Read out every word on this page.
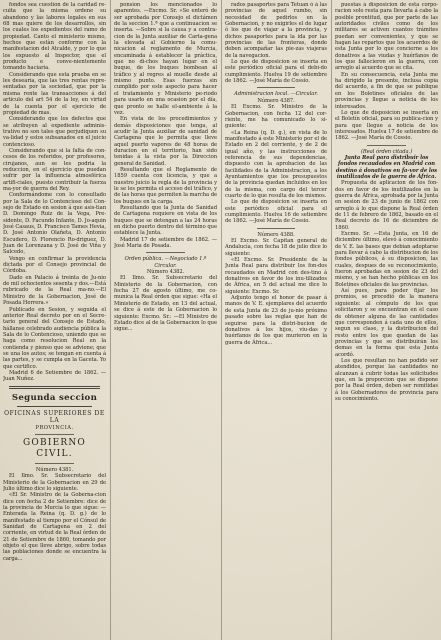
fondos sea cuestion de la caridad re-cuita que la misma ordene su abandono y las labores legales en sus 68 mas quiere de los desarrollos, sin los cuales los expedientes del ramo de propiedad. Canto el ministerio mismo, hechos que estàn conforme con la manifestacion del Atcalde, y por lo que los expuesto al Inspector, que el producto e conve-nientemente tomando haciaria.

Considerando que esta prueba en se les desearia, que las tres rentas repre-sentadas por la sociedad, que por la misma rente las transacciones á del articulo del art 54 de la ley, en virtud de la cuenta por el ejercicio de propiedad de mas.

Considerando que los defectos que se atribuyen al expediente adminis-trativo no son tales que perjudiquen su va-lidad y estos subsanados en el juicio contencioso.

Considerando que si la falta de con-cesos de los referidos, por profesores, cirujanos, aun se les podria la reduccion, en el ejercicio que puedan sufrir por la influencia atmosférica artifi-ciales, puesto contribuir la fuerza ma-yor de guerra del Rey.

Conformándome con lo consultado por la Sala de lo Contencioso del Con-sejo de Estado en sesion á que asis-tian D. Domingo Ruiz de la Vega, Pre-sidente, D. Facundo Infante, D. Jo-aquin José Casaus, D. Francisco Tames Hevia, D. José Antonio Olañeta, D. Antonio Escudero, D. Florencio Ro-driguez, D. Juan de Lorenzana y D. José de Viña y Salcedo,

Vengo en confirmar la providencia dictada por el Consejo provincial de Córdoba.

Dado en Palacio á treinta de Ju-nio de mil ochocientos sesenta y dos.—Está rubricado de la Real ma-no.—El Ministro de la Gobernacion, José de Posada Herrera.»

Publicado en Sesion, y seguida el anterior Real decreto por en el Secre-tario general del Consejo de Estado, hállanse celebrado audiencia pública la Sala de lo Contencioso, uniendo que se haga como resolucion Real en la contienda y pienso que se adviene; que se una los autos; se tengan en cuenta á las partes, y se cumpla en la Gaceta. Yo que certifico.

Madrid 6 de Setiembre de 1862. —Juan Nuñez.

Segunda seccion
OFICINAS SUPERIORES DE LA
PROVINCIA.
GOBIERNO CIVIL.
Número 4381.

El Ilmo. Sr. Subsecretario del Ministerio de la Gobernacion en 29 de Julio último dice lo siguiente.

«El Sr. Ministro de la Goberna-cion dice con fecha 2 de Setiembre: dice de la provincia de Murcia lo que sigue: —Enterada la Reina (q. D. g.) de lo manifestado al tiempo por el Cónsul de Sanidad de Cartagena en 2 del corriente, en virtud de la Real órden de 21 de Setiembre de 1860, tomando por objeto el que lleve abrigo, sobre todas las poblaciones donde se encuentra la carga...

ponsion los mencionados lo aparentes. —Excmo. Sr. «Se enteró de ser aprobada por Consejo el dictámen de la seccion 1.ª que a continuacion se inserta. —Sobre si la causa y a contra-cion de la Junta auxiliar de Carta-gena la elevada al Gobierno la comu-nicacion al reglamento de Murcia, encaminada á establecer la práctica, que no di-chos hayan lugar en el buque, de los buques bombean al tráfico y al regres al muelle desde al mismo punto. Esas fuerzas sin cumplido por este aspecto para hacer el tratamiento y Ministerio pe-riodo para usarlo en una ocasion por el día, que pronto se halle el-ambiente á la vez.

En vista de los procedimientos y demás disposiciones que tenga, al acudir la Junta auxiliar de sanidad de Cartagena que le permita que lleve aquel puerto vapores de 48 horas de duracion en el territorio, han sido tenidas á la vista por la Direccion general de Sanidad.

Resultando que el Reglamento de 1859 cuenta con licencia, y que a nuestro juicio la regla de la provincia y le se les permita el acceso del tráfico, y de las horas que permiten la marcha de los buques en la carga.

Resultando que la Junta de Sanidad de Cartagena requiere en vista de los buques que se detengan a las 24 horas en dicho puerto dentro del término que establece la Junta.

Madrid 17 de setiembre de 1862. —José Maria de Posada.

Orden pública. —Negociado 1.º
Circular.
Número 4382.

El Ilmo. Sr. Subsecretario del Ministerio de la Gobernacion, con fecha 27 de agosto último, me co-munica la Real órden que sigue: «Ha el Ministerio de Estado, en 13 del actual, se dice á este de la Gobernacion lo siguiente: Excmo. Sr.: —El Ministro de Estado dice al de la Gobernacion lo que sigue...

rados pasaportes para Tetuan ó á las provincias de aquel rumbo, sin necesidad de pedirlos en la Gobernacion, y no exigirles el de lugar ó los que de viajar a la provincia, y dichos pasaportes para la ida por las provincias de las fronteras, donde deben acompañar las pie-zas viajeras de la navegacion.

Lo que de disposicion se inserta en este periódico oficial para el debi-do cumplimiento. Huelva 19 de setiembre de 1862. —José María de Cossio.

Administracion local. —Circular.
Número 4387.

El Excmo. Sr. Ministro de la Gobernacion, con fecha 12 del cor-riente, me ha comunicado lo si-guiente:

«La Reina (q. D. g.), en vista de lo manifestado á este Ministerio por el de Estado en 2 del corriente, y de 2 de igual año, y las instrucciones de referencia de sus dependencias, dispuesto con la aprobacion de las facilidades de la Administracion, a los Ayuntamientos que los presupuestos de la provincia quedan incluidos en los de la misma, con cargo del tercer cuarto de lo que resulta de los mismos.

Lo que de disposicion se inserta en este periódico oficial para el cumplimiento. Huelva 16 de setiembre de 1862. —José María de Cossio.

Número 4388.

El Excmo. Sr. Capitan general de Andalucía, con fecha 18 de julio dice lo siguiente:

«El Excmo. Sr. Presidente de la Junta Real para distribuir los fon-dos recaudados en Madrid con des-tino á donativos en favor de los inu-tilizados de África, en 5 del actual me dice lo siguiente: Excmo. Sr.

Adjunto tengo el honor de pasar á manos de V. E. ejemplares del acuerdo de esta Junta de 23 de ju-nio próximo pasado sobre las reglas que han de seguirse para la distri-bucion de donativos á los hijos, viu-das y huérfanos de los que murieron en la guerra de África...

puestas á disposicion de esta corpo-racion solo resta para llevarla á cabo la posible prontitud, que por parte de las autoridades civiles como de los militares se activen cuantos trámites puedan ser convenientes, y que se hagan las repartos que los acuerdos de esta Junta por lo que concierne a los donativos a las viudas y huérfanos de los que fallecieron en la guerra, con arreglo al acuerdo que se cita.

En su consecuencia, esta Junta me ha dirigido la presente, inclusa copia del acuerdo, a fin de que se publique en los Boletines oficiales de las provincias y llegue a noticia de los interesados.

Lo que de disposicion se inserta en el Boletín oficial, para su publica-cion y para que llegue a noticia de los interesados. Huelva 17 de setiembre de 1862. —José María de Cossio.

(Real órden citada.)
Junta Real para distribuir los fondos recaudados en Madrid con destino á donativos en fa-vor de los inutilizados de la guerra de África.

Propuesta de aplicacion de los fon-dos en favor de los inutilizados en la guerra de África, aprobada por la Junta en sesion de 23 de junio de 1862 con arreglo á lo que dispone la Real órden de 11 de febrero de 1862, basado en el Real decreto de 16 de diciembre de 1860.

Excmo. Sr. —Esta Junta, en 16 de diciembre último, elevó á conocimiento de V. E. las bases que debian adoptarse para llevar á cabo la distribucion de los fondos públicos, á su disposicion, las cuales, despues de su reconocimiento, fueron aprobadas en sesion de 23 del mismo, y se han hecho públicas en los Boletines oficiales de las provincias.

Así pues, para poder fijar los premios, se procedió de la manera siguiente: al cómputo de los que solicitaron y se encuentran en el caso de obtener alguna de las cantidades que corresponden á cada uno de ellos, segun su clase, y la distribucion del resto entre los que quedan de las provincias y que se distribuirán los demas en la forma que esta Junta acordó.

Los que resultan no han podido ser atendidos, porque las cantidades no alcanzan á cubrir todas las solicitudes que, en la proporcion que se dispone por la Real órden, deben ser remitidas á los Gobernadores de provincia para su conocimiento.
